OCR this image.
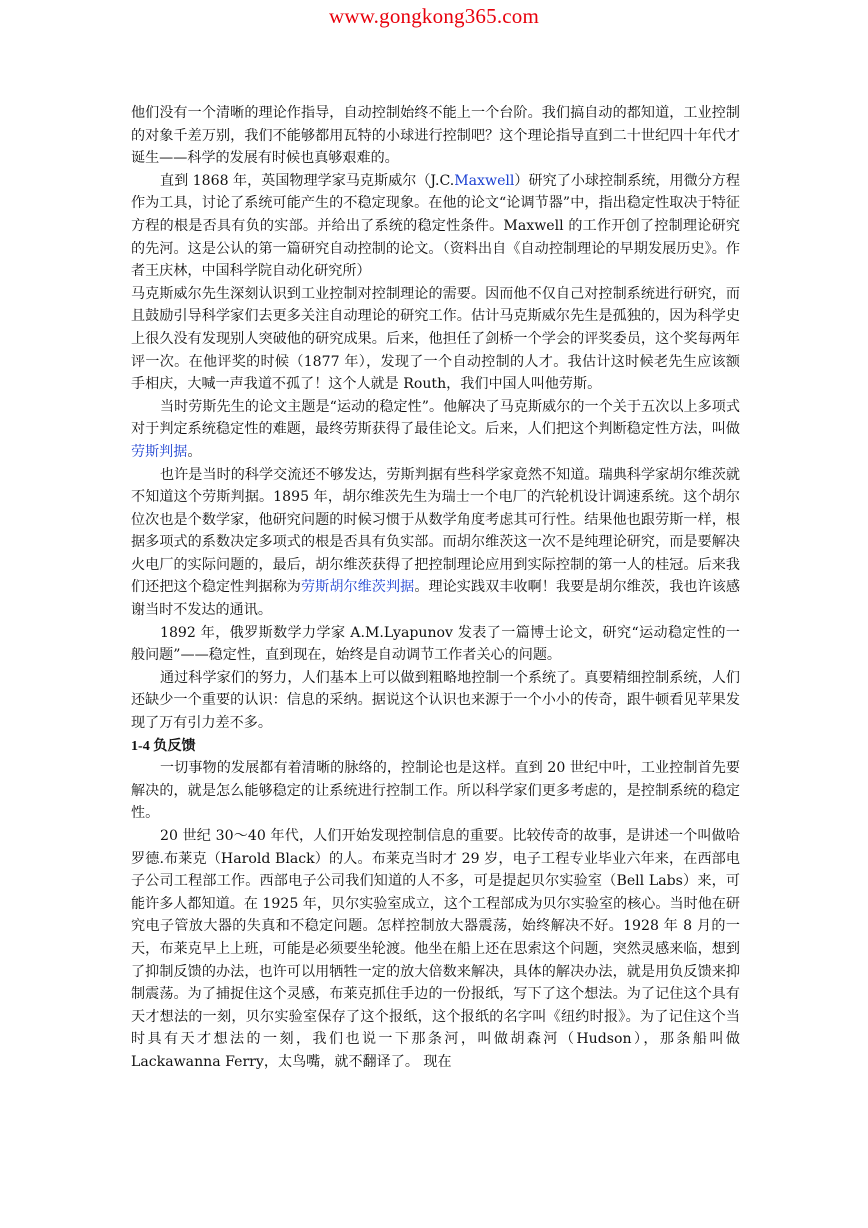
www.gongkong365.com

他们没有一个清晰的理论作指导，自动控制始终不能上一个台阶。我们搞自动的都知道，工业控制的对象千差万别，我们不能够都用瓦特的小球进行控制吧？这个理论指导直到二十世纪四十年代才诞生——科学的发展有时候也真够艰难的。

直到 1868 年，英国物理学家马克斯威尔（J.C.Maxwell）研究了小球控制系统，用微分方程作为工具，讨论了系统可能产生的不稳定现象。在他的论文“论调节器”中，指出稳定性取决于特征方程的根是否具有负的实部。并给出了系统的稳定性条件。Maxwell 的工作开创了控制理论研究的先河。这是公认的第一篇研究自动控制的论文。（资料出自《自动控制理论的早期发展历史》。作者王庆林，中国科学院自动化研究所）

马克斯威尔先生深刻认识到工业控制对控制理论的需要。因而他不仅自己对控制系统进行研究，而且鼓励引导科学家们去更多关注自动理论的研究工作。估计马克斯威尔先生是孤独的，因为科学史上很久没有发现别人突破他的研究成果。后来，他担任了剑桥一个学会的评奖委员，这个奖每两年评一次。在他评奖的时候（1877 年），发现了一个自动控制的人才。我估计这时候老先生应该额手相庆，大喊一声我道不孤了！这个人就是 Routh，我们中国人叫他劳斯。

当时劳斯先生的论文主题是“运动的稳定性”。他解决了马克斯威尔的一个关于五次以上多项式对于判定系统稳定性的难题，最终劳斯获得了最佳论文。后来，人们把这个判断稳定性方法，叫做劳斯判据。

也许是当时的科学交流还不够发达，劳斯判据有些科学家竟然不知道。瑞典科学家胡尔维茨就不知道这个劳斯判据。1895 年，胡尔维茨先生为瑞士一个电厂的汽轮机设计调速系统。这个胡尔位次也是个数学家，他研究问题的时候习惯于从数学角度考虑其可行性。结果他也跟劳斯一样，根据多项式的系数决定多项式的根是否具有负实部。而胡尔维茨这一次不是纯理论研究，而是要解决火电厂的实际问题的，最后，胡尔维茨获得了把控制理论应用到实际控制的第一人的桂冠。后来我们还把这个稳定性判据称为劳斯胡尔维茨判据。理论实践双丰收啊！我要是胡尔维茨，我也许该感谢当时不发达的通讯。

1892 年，俄罗斯数学力学家 A.M.Lyapunov 发表了一篇博士论文，研究“运动稳定性的一般问题”——稳定性，直到现在，始终是自动调节工作者关心的问题。

通过科学家们的努力，人们基本上可以做到粗略地控制一个系统了。真要精细控制系统，人们还缺少一个重要的认识：信息的采纳。据说这个认识也来源于一个小小的传奇，跟牛顿看见苹果发现了万有引力差不多。

1-4 负反馈

一切事物的发展都有着清晰的脉络的，控制论也是这样。直到 20 世纪中叶，工业控制首先要解决的，就是怎么能够稳定的让系统进行控制工作。所以科学家们更多考虑的，是控制系统的稳定性。

20 世纪 30～40 年代，人们开始发现控制信息的重要。比较传奇的故事，是讲述一个叫做哈罗德.布莱克（Harold Black）的人。布莱克当时才 29 岁，电子工程专业毕业六年来，在西部电子公司工程部工作。西部电子公司我们知道的人不多，可是提起贝尔实验室（Bell Labs）来，可能许多人都知道。在 1925 年，贝尔实验室成立，这个工程部成为贝尔实验室的核心。当时他在研究电子管放大器的失真和不稳定问题。怎样控制放大器震荡，始终解决不好。1928 年 8 月的一天，布莱克早上上班，可能是必须要坐轮渡。他坐在船上还在思索这个问题，突然灵感来临，想到了抑制反馈的办法，也许可以用牺牲一定的放大倍数来解决，具体的解决办法，就是用负反馈来抑制震荡。为了捕捉住这个灵感，布莱克抓住手边的一份报纸，写下了这个想法。为了记住这个具有天才想法的一刻，贝尔实验室保存了这个报纸，这个报纸的名字叫《纽约时报》。为了记住这个当时具有天才想法的一刻，我们也说一下那条河，叫做胡森河（Hudson），那条船叫做 Lackawanna Ferry，太鸟嘴，就不翻译了。 现在
